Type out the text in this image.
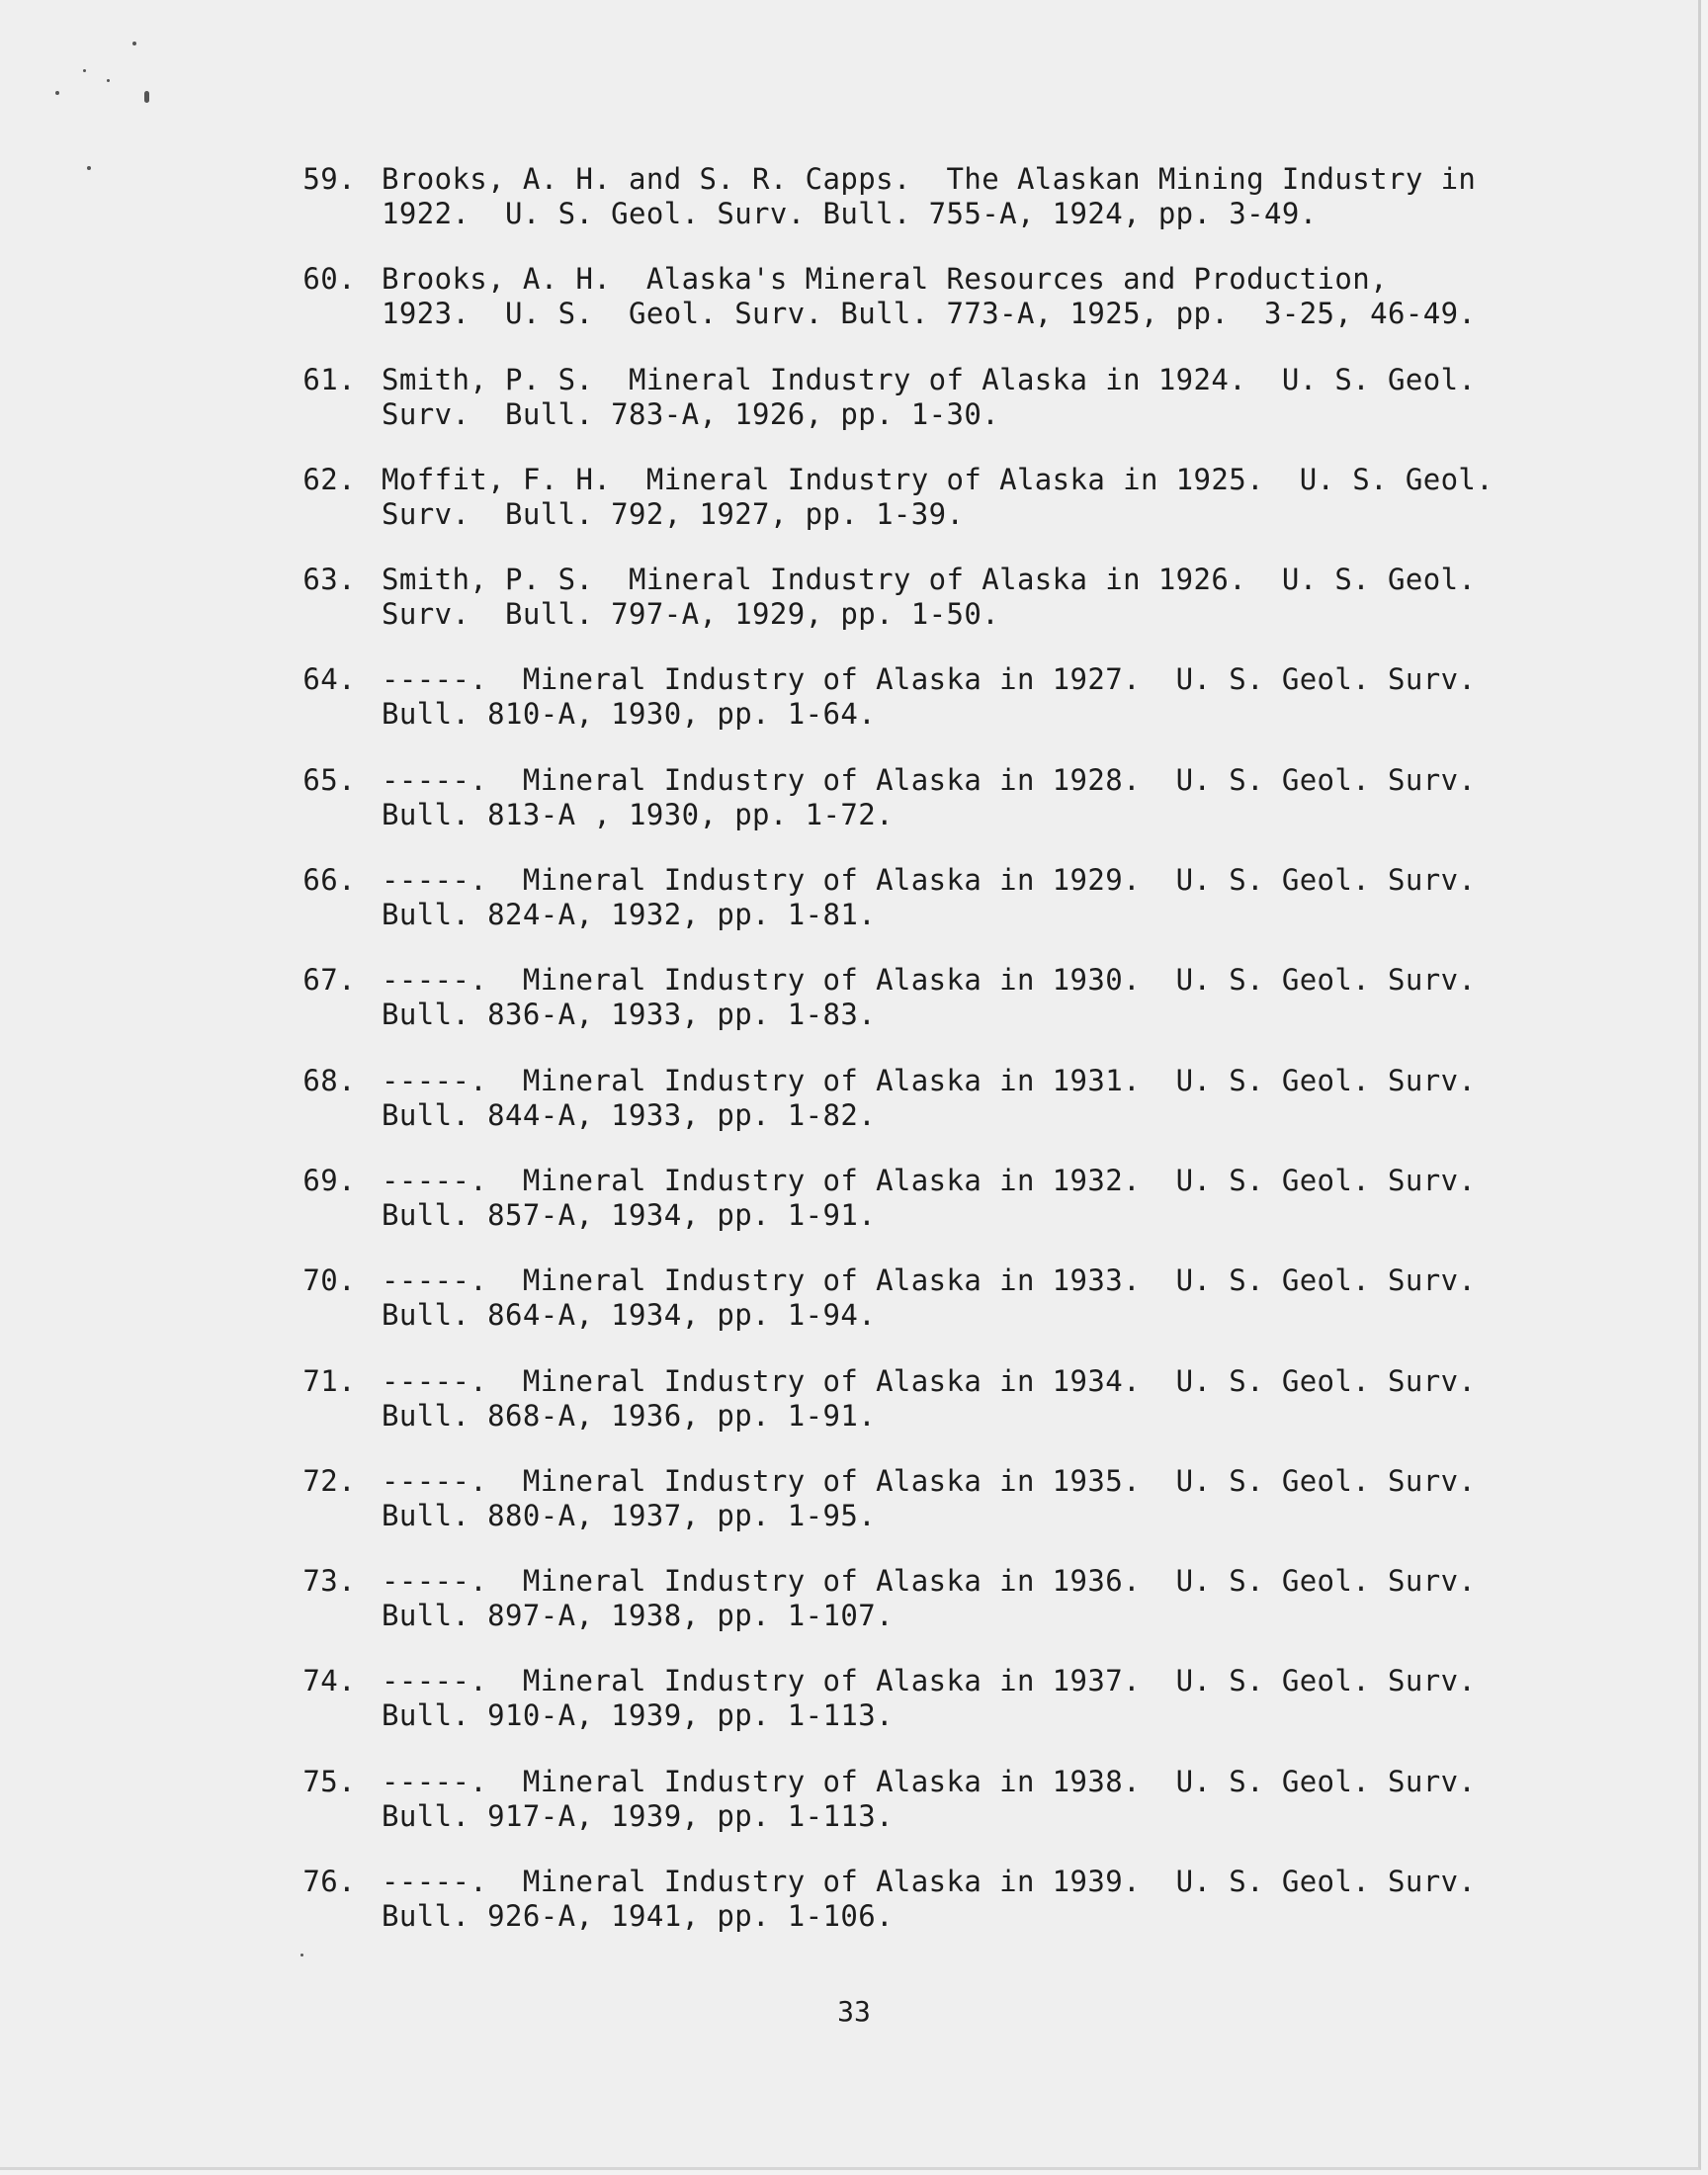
59. Brooks, A. H. and S. R. Capps.  The Alaskan Mining Industry in
1922.  U. S. Geol. Surv. Bull. 755-A, 1924, pp. 3-49.
60. Brooks, A. H.  Alaska's Mineral Resources and Production,
1923.  U. S.  Geol. Surv. Bull. 773-A, 1925, pp.  3-25, 46-49.
61. Smith, P. S.  Mineral Industry of Alaska in 1924.  U. S. Geol.
Surv.  Bull. 783-A, 1926, pp. 1-30.
62. Moffit, F. H.  Mineral Industry of Alaska in 1925.  U. S. Geol.
Surv.  Bull. 792, 1927, pp. 1-39.
63. Smith, P. S.  Mineral Industry of Alaska in 1926.  U. S. Geol.
Surv.  Bull. 797-A, 1929, pp. 1-50.
64. -----.  Mineral Industry of Alaska in 1927.  U. S. Geol. Surv.
Bull. 810-A, 1930, pp. 1-64.
65. -----.  Mineral Industry of Alaska in 1928.  U. S. Geol. Surv.
Bull. 813-A , 1930, pp. 1-72.
66. -----.  Mineral Industry of Alaska in 1929.  U. S. Geol. Surv.
Bull. 824-A, 1932, pp. 1-81.
67. -----.  Mineral Industry of Alaska in 1930.  U. S. Geol. Surv.
Bull. 836-A, 1933, pp. 1-83.
68. -----.  Mineral Industry of Alaska in 1931.  U. S. Geol. Surv.
Bull. 844-A, 1933, pp. 1-82.
69. -----.  Mineral Industry of Alaska in 1932.  U. S. Geol. Surv.
Bull. 857-A, 1934, pp. 1-91.
70. -----.  Mineral Industry of Alaska in 1933.  U. S. Geol. Surv.
Bull. 864-A, 1934, pp. 1-94.
71. -----.  Mineral Industry of Alaska in 1934.  U. S. Geol. Surv.
Bull. 868-A, 1936, pp. 1-91.
72. -----.  Mineral Industry of Alaska in 1935.  U. S. Geol. Surv.
Bull. 880-A, 1937, pp. 1-95.
73. -----.  Mineral Industry of Alaska in 1936.  U. S. Geol. Surv.
Bull. 897-A, 1938, pp. 1-107.
74. -----.  Mineral Industry of Alaska in 1937.  U. S. Geol. Surv.
Bull. 910-A, 1939, pp. 1-113.
75. -----.  Mineral Industry of Alaska in 1938.  U. S. Geol. Surv.
Bull. 917-A, 1939, pp. 1-113.
76. -----.  Mineral Industry of Alaska in 1939.  U. S. Geol. Surv.
Bull. 926-A, 1941, pp. 1-106.
33
